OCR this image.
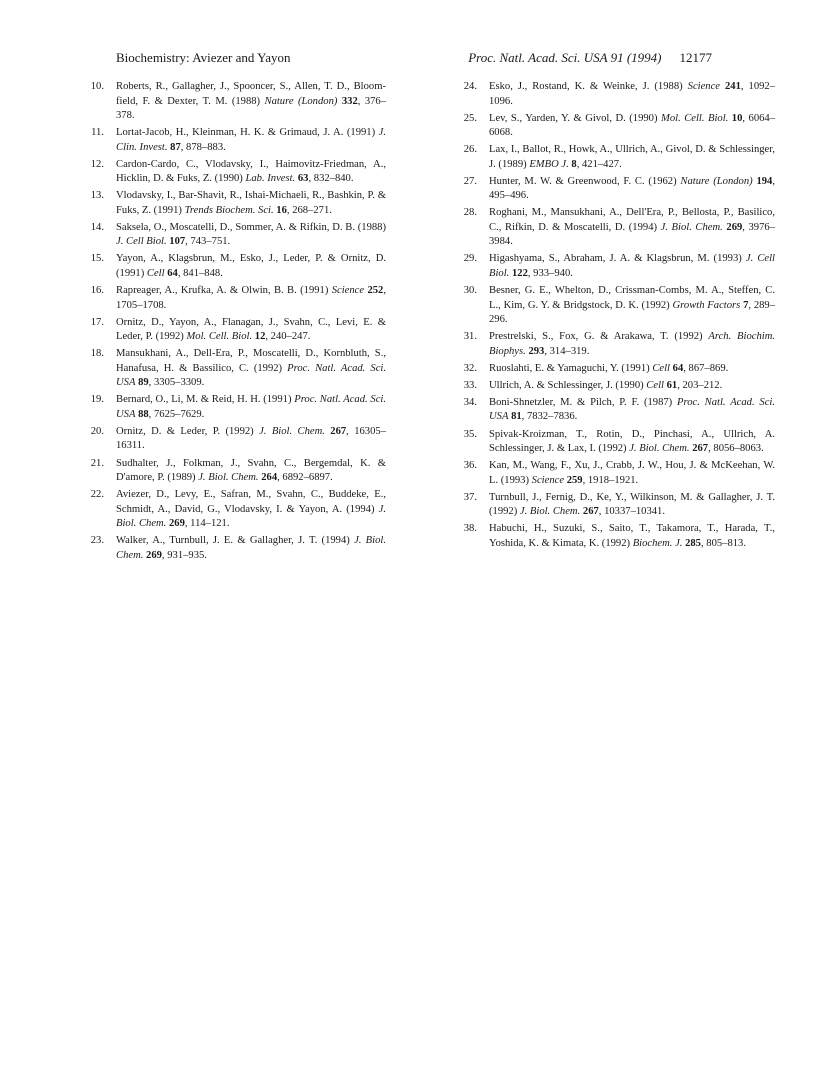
Biochemistry: Aviezer and Yayon	Proc. Natl. Acad. Sci. USA 91 (1994) 12177
10. Roberts, R., Gallagher, J., Spooncer, S., Allen, T. D., Bloomfield, F. & Dexter, T. M. (1988) Nature (London) 332, 376–378.
11. Lortat-Jacob, H., Kleinman, H. K. & Grimaud, J. A. (1991) J. Clin. Invest. 87, 878–883.
12. Cardon-Cardo, C., Vlodavsky, I., Haimovitz-Friedman, A., Hicklin, D. & Fuks, Z. (1990) Lab. Invest. 63, 832–840.
13. Vlodavsky, I., Bar-Shavit, R., Ishai-Michaeli, R., Bashkin, P. & Fuks, Z. (1991) Trends Biochem. Sci. 16, 268–271.
14. Saksela, O., Moscatelli, D., Sommer, A. & Rifkin, D. B. (1988) J. Cell Biol. 107, 743–751.
15. Yayon, A., Klagsbrun, M., Esko, J., Leder, P. & Ornitz, D. (1991) Cell 64, 841–848.
16. Rapreager, A., Krufka, A. & Olwin, B. B. (1991) Science 252, 1705–1708.
17. Ornitz, D., Yayon, A., Flanagan, J., Svahn, C., Levi, E. & Leder, P. (1992) Mol. Cell. Biol. 12, 240–247.
18. Mansukhani, A., Dell-Era, P., Moscatelli, D., Kornbluth, S., Hanafusa, H. & Bassilico, C. (1992) Proc. Natl. Acad. Sci. USA 89, 3305–3309.
19. Bernard, O., Li, M. & Reid, H. H. (1991) Proc. Natl. Acad. Sci. USA 88, 7625–7629.
20. Ornitz, D. & Leder, P. (1992) J. Biol. Chem. 267, 16305–16311.
21. Sudhalter, J., Folkman, J., Svahn, C., Bergemdal, K. & D'amore, P. (1989) J. Biol. Chem. 264, 6892–6897.
22. Aviezer, D., Levy, E., Safran, M., Svahn, C., Buddeke, E., Schmidt, A., David, G., Vlodavsky, I. & Yayon, A. (1994) J. Biol. Chem. 269, 114–121.
23. Walker, A., Turnbull, J. E. & Gallagher, J. T. (1994) J. Biol. Chem. 269, 931–935.
24. Esko, J., Rostand, K. & Weinke, J. (1988) Science 241, 1092–1096.
25. Lev, S., Yarden, Y. & Givol, D. (1990) Mol. Cell. Biol. 10, 6064–6068.
26. Lax, I., Ballot, R., Howk, A., Ullrich, A., Givol, D. & Schlessinger, J. (1989) EMBO J. 8, 421–427.
27. Hunter, M. W. & Greenwood, F. C. (1962) Nature (London) 194, 495–496.
28. Roghani, M., Mansukhani, A., Dell'Era, P., Bellosta, P., Basilico, C., Rifkin, D. & Moscatelli, D. (1994) J. Biol. Chem. 269, 3976–3984.
29. Higashyama, S., Abraham, J. A. & Klagsbrun, M. (1993) J. Cell Biol. 122, 933–940.
30. Besner, G. E., Whelton, D., Crissman-Combs, M. A., Steffen, C. L., Kim, G. Y. & Bridgstock, D. K. (1992) Growth Factors 7, 289–296.
31. Prestrelski, S., Fox, G. & Arakawa, T. (1992) Arch. Biochim. Biophys. 293, 314–319.
32. Ruoslahti, E. & Yamaguchi, Y. (1991) Cell 64, 867–869.
33. Ullrich, A. & Schlessinger, J. (1990) Cell 61, 203–212.
34. Boni-Shnetzler, M. & Pilch, P. F. (1987) Proc. Natl. Acad. Sci. USA 81, 7832–7836.
35. Spivak-Kroizman, T., Rotin, D., Pinchasi, A., Ullrich, A. Schlessinger, J. & Lax, I. (1992) J. Biol. Chem. 267, 8056–8063.
36. Kan, M., Wang, F., Xu, J., Crabb, J. W., Hou, J. & McKeehan, W. L. (1993) Science 259, 1918–1921.
37. Turnbull, J., Fernig, D., Ke, Y., Wilkinson, M. & Gallagher, J. T. (1992) J. Biol. Chem. 267, 10337–10341.
38. Habuchi, H., Suzuki, S., Saito, T., Takamora, T., Harada, T., Yoshida, K. & Kimata, K. (1992) Biochem. J. 285, 805–813.
